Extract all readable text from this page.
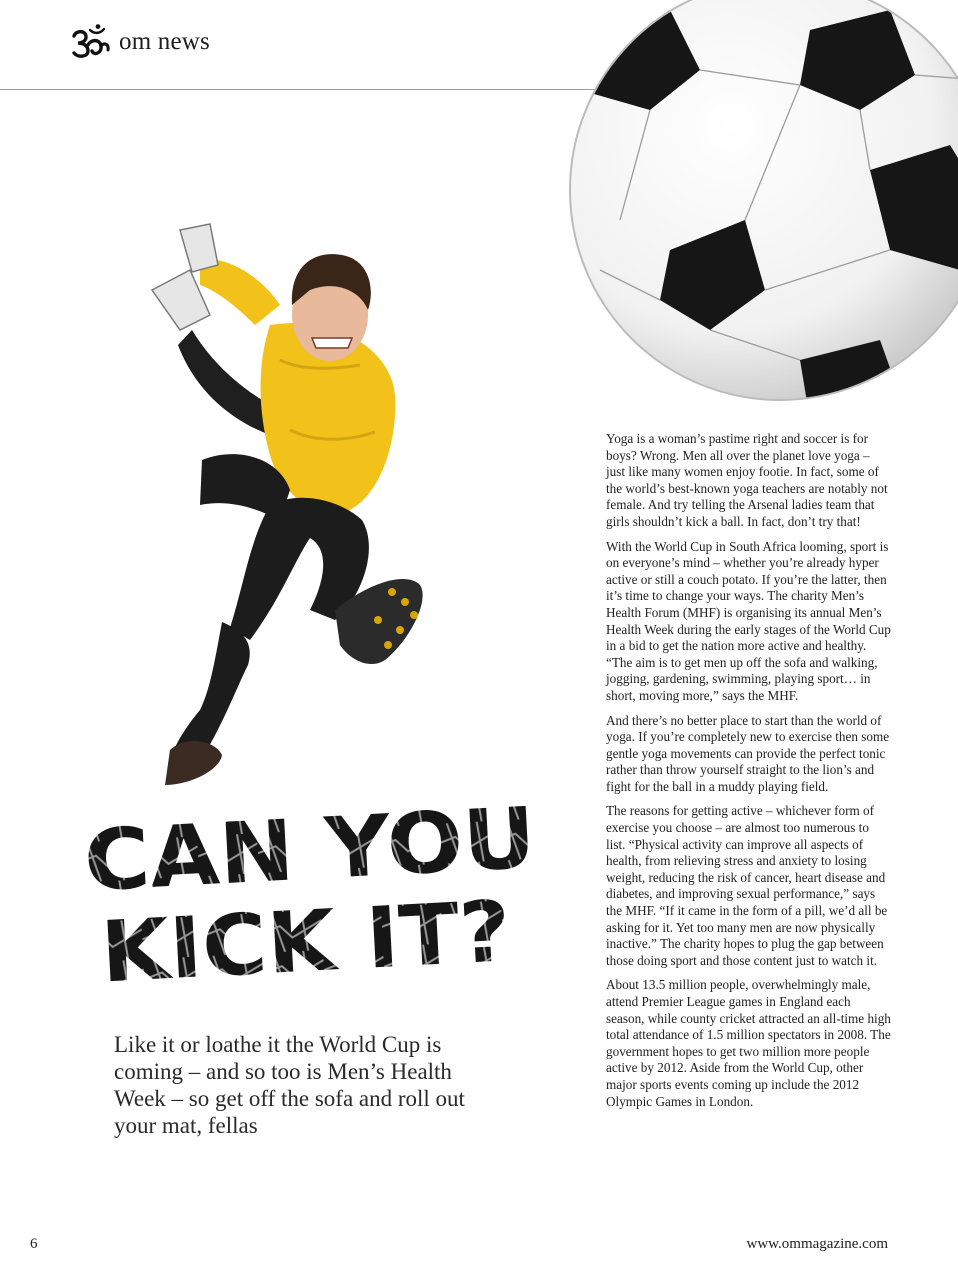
om news

Like it or loathe it the World Cup is coming – and so too is Men’s Health Week – so get off the sofa and roll out your mat, fellas

Yoga is a woman’s pastime right and soccer is for boys? Wrong. Men all over the planet love yoga – just like many women enjoy footie. In fact, some of the world’s best-known yoga teachers are notably not female. And try telling the Arsenal ladies team that girls shouldn’t kick a ball. In fact, don’t try that!

With the World Cup in South Africa looming, sport is on everyone’s mind – whether you’re already hyper active or still a couch potato. If you’re the latter, then it’s time to change your ways. The charity Men’s Health Forum (MHF) is organising its annual Men’s Health Week during the early stages of the World Cup in a bid to get the nation more active and healthy. “The aim is to get men up off the sofa and walking, jogging, gardening, swimming, playing sport… in short, moving more,” says the MHF.

And there’s no better place to start than the world of yoga. If you’re completely new to exercise then some gentle yoga movements can provide the perfect tonic rather than throw yourself straight to the lion’s and fight for the ball in a muddy playing field.

The reasons for getting active – whichever form of exercise you choose – are almost too numerous to list. “Physical activity can improve all aspects of health, from relieving stress and anxiety to losing weight, reducing the risk of cancer, heart disease and diabetes, and improving sexual performance,” says the MHF. “If it came in the form of a pill, we’d all be asking for it. Yet too many men are now physically inactive.” The charity hopes to plug the gap between those doing sport and those content just to watch it.

About 13.5 million people, overwhelmingly male, attend Premier League games in England each season, while county cricket attracted an all-time high total attendance of 1.5 million spectators in 2008. The government hopes to get two million more people active by 2012. Aside from the World Cup, other major sports events coming up include the 2012 Olympic Games in London.

6	www.ommagazine.com
